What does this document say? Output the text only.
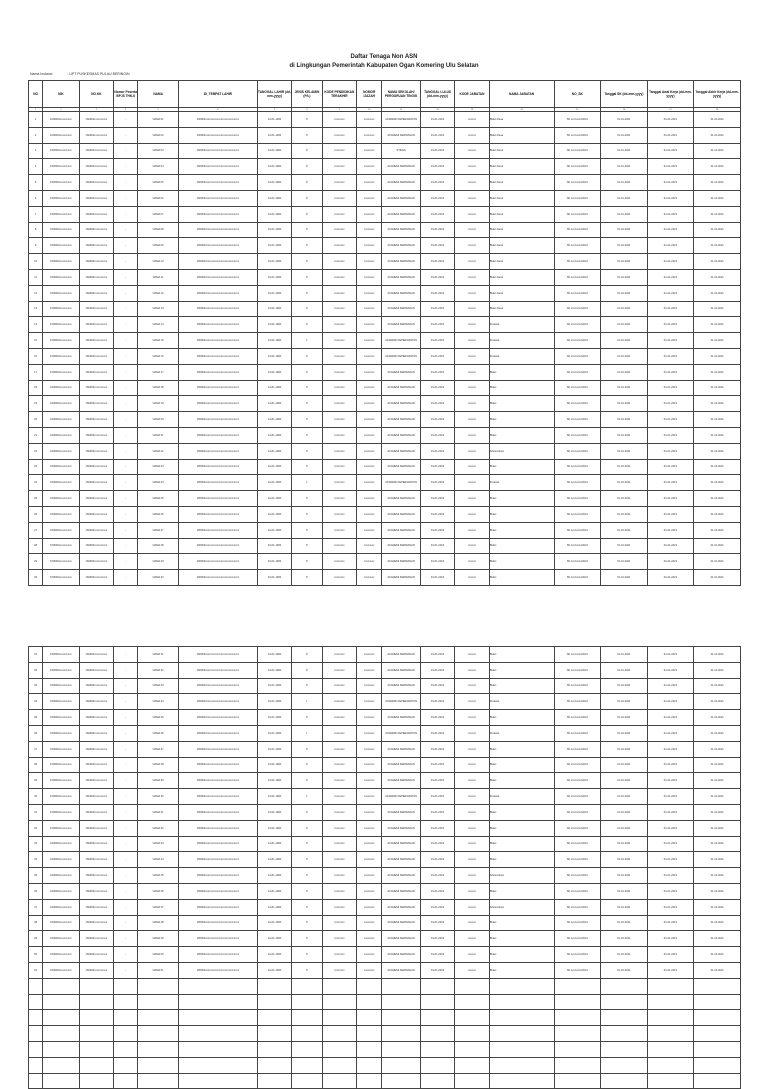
Daftar Tenaga Non ASN
di Lingkungan Pemerintah Kabupaten Ogan Komering Ulu Selatan
Nama Instansi	: UPT PUSKESMAS PULAU BERINGIN
NO	NIK	NO.KK	Nomor Peserta BPJS THK-II	NAMA	ID_TEMPAT LAHIR	TANGGAL LAHIR (dd-mm-yyyy)	JENIS KELAMIN (P/L)	KODE PENDIDIKAN TERAKHIR	NOMOR IJAZAH	NAMA SEKOLAH/ PERGURUAN TINGGI	TANGGAL LULUS (dd-mm-yyyy)	KODE JABATAN	NAMA JABATAN	NO_SK	Tanggal SK (dd-mm-yyyy)	Tanggal Awal Kerja (dd-mm-yyyy)	Tanggal Akhir Kerja (dd-mm-yyyy)
1	2	3	4	5	6	7	8	9	10	11	12	13	14	15	16	17	18
1	160903xxxxxxxxxx	160903xxxxxxxxxx	-	NAMA 01	160903xxxxxxxxxxxxxxxxxxxxxxxxxx	01-01-1990	P	xxxxxxxx	xxxxxxxx	AKADEMI KEPERAWATAN	01-01-2012	xxxxxx	Bidan Desa	SK.xxx/xx/xx/2021	01-01-2021	01-01-2021	31-12-2021
2	160903xxxxxxxxxx	160903xxxxxxxxxx	-	NAMA 02	160903xxxxxxxxxxxxxxxxxxxxxxxxxx	01-01-1990	P	xxxxxxxx	xxxxxxxx	AKADEMI KEBIDANAN	01-01-2012	xxxxxx	Bidan Desa	SK.xxx/xx/xx/2021	01-01-2021	01-01-2021	31-12-2021
3	160903xxxxxxxxxx	160903xxxxxxxxxx	-	NAMA 03	160903xxxxxxxxxxxxxxxxxxxxxxxxxx	01-01-1990	P	xxxxxxxx	xxxxxxxx	STIKES	01-01-2012	xxxxxx	Bidan Desa	SK.xxx/xx/xx/2021	01-01-2021	01-01-2021	31-12-2021
4	160903xxxxxxxxxx	160903xxxxxxxxxx	-	NAMA 04	160903xxxxxxxxxxxxxxxxxxxxxxxxxx	01-01-1990	P	xxxxxxxx	xxxxxxxx	AKADEMI KEBIDANAN	01-01-2012	xxxxxx	Bidan Desa	SK.xxx/xx/xx/2021	01-01-2021	01-01-2021	31-12-2021
5	160903xxxxxxxxxx	160903xxxxxxxxxx	-	NAMA 05	160903xxxxxxxxxxxxxxxxxxxxxxxxxx	01-01-1990	P	xxxxxxxx	xxxxxxxx	AKADEMI KEBIDANAN	01-01-2012	xxxxxx	Bidan Desa	SK.xxx/xx/xx/2021	01-01-2021	01-01-2021	31-12-2021
6	160903xxxxxxxxxx	160903xxxxxxxxxx	-	NAMA 06	160903xxxxxxxxxxxxxxxxxxxxxxxxxx	01-01-1990	P	xxxxxxxx	xxxxxxxx	AKADEMI KEBIDANAN	01-01-2012	xxxxxx	Bidan Desa	SK.xxx/xx/xx/2021	01-01-2021	01-01-2021	31-12-2021
7	160903xxxxxxxxxx	160903xxxxxxxxxx	-	NAMA 07	160903xxxxxxxxxxxxxxxxxxxxxxxxxx	01-01-1990	P	xxxxxxxx	xxxxxxxx	AKADEMI KEBIDANAN	01-01-2012	xxxxxx	Bidan Desa	SK.xxx/xx/xx/2021	01-01-2021	01-01-2021	31-12-2021
8	160903xxxxxxxxxx	160903xxxxxxxxxx	-	NAMA 08	160903xxxxxxxxxxxxxxxxxxxxxxxxxx	01-01-1990	P	xxxxxxxx	xxxxxxxx	AKADEMI KEBIDANAN	01-01-2012	xxxxxx	Bidan Desa	SK.xxx/xx/xx/2021	01-01-2021	01-01-2021	31-12-2021
9	160903xxxxxxxxxx	160903xxxxxxxxxx	-	NAMA 09	160903xxxxxxxxxxxxxxxxxxxxxxxxxx	01-01-1990	P	xxxxxxxx	xxxxxxxx	AKADEMI KEBIDANAN	01-01-2012	xxxxxx	Bidan Desa	SK.xxx/xx/xx/2021	01-01-2021	01-01-2021	31-12-2021
10	160903xxxxxxxxxx	160903xxxxxxxxxx	-	NAMA 10	160903xxxxxxxxxxxxxxxxxxxxxxxxxx	01-01-1990	P	xxxxxxxx	xxxxxxxx	AKADEMI KEBIDANAN	01-01-2012	xxxxxx	Bidan Desa	SK.xxx/xx/xx/2021	01-01-2021	01-01-2021	31-12-2021
11	160903xxxxxxxxxx	160903xxxxxxxxxx	-	NAMA 11	160903xxxxxxxxxxxxxxxxxxxxxxxxxx	01-01-1990	P	xxxxxxxx	xxxxxxxx	AKADEMI KEBIDANAN	01-01-2012	xxxxxx	Bidan Desa	SK.xxx/xx/xx/2021	01-01-2021	01-01-2021	31-12-2021
12	160903xxxxxxxxxx	160903xxxxxxxxxx	-	NAMA 12	160903xxxxxxxxxxxxxxxxxxxxxxxxxx	01-01-1990	P	xxxxxxxx	xxxxxxxx	AKADEMI KEBIDANAN	01-01-2012	xxxxxx	Bidan Desa	SK.xxx/xx/xx/2021	01-01-2021	01-01-2021	31-12-2021
13	160903xxxxxxxxxx	160903xxxxxxxxxx	-	NAMA 13	160903xxxxxxxxxxxxxxxxxxxxxxxxxx	01-01-1990	P	xxxxxxxx	xxxxxxxx	AKADEMI KEBIDANAN	01-01-2012	xxxxxx	Bidan Desa	SK.xxx/xx/xx/2021	01-01-2021	01-01-2021	31-12-2021
14	160903xxxxxxxxxx	160903xxxxxxxxxx	-	NAMA 14	160903xxxxxxxxxxxxxxxxxxxxxxxxxx	01-01-1990	P	xxxxxxxx	xxxxxxxx	AKADEMI KEBIDANAN	01-01-2012	xxxxxx	Perawat	SK.xxx/xx/xx/2021	01-01-2021	01-01-2021	31-12-2021
15	160903xxxxxxxxxx	160903xxxxxxxxxx	-	NAMA 15	160903xxxxxxxxxxxxxxxxxxxxxxxxxx	01-01-1990	L	xxxxxxxx	xxxxxxxx	AKADEMI KEPERAWATAN	01-01-2012	xxxxxx	Perawat	SK.xxx/xx/xx/2021	01-01-2021	01-01-2021	31-12-2021
16	160903xxxxxxxxxx	160903xxxxxxxxxx	-	NAMA 16	160903xxxxxxxxxxxxxxxxxxxxxxxxxx	01-01-1990	P	xxxxxxxx	xxxxxxxx	AKADEMI KEPERAWATAN	01-01-2012	xxxxxx	Perawat	SK.xxx/xx/xx/2021	01-01-2021	01-01-2021	31-12-2021
17	160903xxxxxxxxxx	160903xxxxxxxxxx	-	NAMA 17	160903xxxxxxxxxxxxxxxxxxxxxxxxxx	01-01-1990	P	xxxxxxxx	xxxxxxxx	AKADEMI KEBIDANAN	01-01-2012	xxxxxx	Bidan	SK.xxx/xx/xx/2021	01-01-2021	01-01-2021	31-12-2021
18	160903xxxxxxxxxx	160903xxxxxxxxxx	-	NAMA 18	160903xxxxxxxxxxxxxxxxxxxxxxxxxx	01-01-1990	P	xxxxxxxx	xxxxxxxx	AKADEMI KEBIDANAN	01-01-2012	xxxxxx	Bidan	SK.xxx/xx/xx/2021	01-01-2021	01-01-2021	31-12-2021
19	160903xxxxxxxxxx	160903xxxxxxxxxx	-	NAMA 19	160903xxxxxxxxxxxxxxxxxxxxxxxxxx	01-01-1990	P	xxxxxxxx	xxxxxxxx	AKADEMI KEBIDANAN	01-01-2012	xxxxxx	Bidan	SK.xxx/xx/xx/2021	01-01-2021	01-01-2021	31-12-2021
20	160903xxxxxxxxxx	160903xxxxxxxxxx	-	NAMA 20	160903xxxxxxxxxxxxxxxxxxxxxxxxxx	01-01-1990	P	xxxxxxxx	xxxxxxxx	AKADEMI KEBIDANAN	01-01-2012	xxxxxx	Bidan	SK.xxx/xx/xx/2021	01-01-2021	01-01-2021	31-12-2021
21	160903xxxxxxxxxx	160903xxxxxxxxxx	-	NAMA 21	160903xxxxxxxxxxxxxxxxxxxxxxxxxx	01-01-1990	P	xxxxxxxx	xxxxxxxx	AKADEMI KEBIDANAN	01-01-2012	xxxxxx	Bidan	SK.xxx/xx/xx/2021	01-01-2021	01-01-2021	31-12-2021
22	160903xxxxxxxxxx	160903xxxxxxxxxx	-	NAMA 22	160903xxxxxxxxxxxxxxxxxxxxxxxxxx	01-01-1990	P	xxxxxxxx	xxxxxxxx	AKADEMI KEBIDANAN	01-01-2012	xxxxxx	Administrasi	SK.xxx/xx/xx/2021	01-01-2021	01-01-2021	31-12-2021
23	160903xxxxxxxxxx	160903xxxxxxxxxx	-	NAMA 23	160903xxxxxxxxxxxxxxxxxxxxxxxxxx	01-01-1990	P	xxxxxxxx	xxxxxxxx	AKADEMI KEBIDANAN	01-01-2012	xxxxxx	Bidan	SK.xxx/xx/xx/2021	01-01-2021	01-01-2021	31-12-2021
24	160903xxxxxxxxxx	160903xxxxxxxxxx	-	NAMA 24	160903xxxxxxxxxxxxxxxxxxxxxxxxxx	01-01-1990	L	xxxxxxxx	xxxxxxxx	AKADEMI KEPERAWATAN	01-01-2012	xxxxxx	Perawat	SK.xxx/xx/xx/2021	01-01-2021	01-01-2021	31-12-2021
25	160903xxxxxxxxxx	160903xxxxxxxxxx	-	NAMA 25	160903xxxxxxxxxxxxxxxxxxxxxxxxxx	01-01-1990	P	xxxxxxxx	xxxxxxxx	AKADEMI KEBIDANAN	01-01-2012	xxxxxx	Bidan	SK.xxx/xx/xx/2021	01-01-2021	01-01-2021	31-12-2021
26	160903xxxxxxxxxx	160903xxxxxxxxxx	-	NAMA 26	160903xxxxxxxxxxxxxxxxxxxxxxxxxx	01-01-1990	P	xxxxxxxx	xxxxxxxx	AKADEMI KEBIDANAN	01-01-2012	xxxxxx	Bidan	SK.xxx/xx/xx/2021	01-01-2021	01-01-2021	31-12-2021
27	160903xxxxxxxxxx	160903xxxxxxxxxx	-	NAMA 27	160903xxxxxxxxxxxxxxxxxxxxxxxxxx	01-01-1990	P	xxxxxxxx	xxxxxxxx	AKADEMI KEBIDANAN	01-01-2012	xxxxxx	Bidan	SK.xxx/xx/xx/2021	01-01-2021	01-01-2021	31-12-2021
28	160903xxxxxxxxxx	160903xxxxxxxxxx	-	NAMA 28	160903xxxxxxxxxxxxxxxxxxxxxxxxxx	01-01-1990	P	xxxxxxxx	xxxxxxxx	AKADEMI KEBIDANAN	01-01-2012	xxxxxx	Bidan	SK.xxx/xx/xx/2021	01-01-2021	01-01-2021	31-12-2021
29	160903xxxxxxxxxx	160903xxxxxxxxxx	-	NAMA 29	160903xxxxxxxxxxxxxxxxxxxxxxxxxx	01-01-1990	P	xxxxxxxx	xxxxxxxx	AKADEMI KEBIDANAN	01-01-2012	xxxxxx	Bidan	SK.xxx/xx/xx/2021	01-01-2021	01-01-2021	31-12-2021
30	160903xxxxxxxxxx	160903xxxxxxxxxx	-	NAMA 30	160903xxxxxxxxxxxxxxxxxxxxxxxxxx	01-01-1990	P	xxxxxxxx	xxxxxxxx	AKADEMI KEBIDANAN	01-01-2012	xxxxxx	Bidan	SK.xxx/xx/xx/2021	01-01-2021	01-01-2021	31-12-2021
31	160903xxxxxxxxxx	160903xxxxxxxxxx	-	NAMA 31	160903xxxxxxxxxxxxxxxxxxxxxxxxxx	01-01-1990	P	xxxxxxxx	xxxxxxxx	AKADEMI KEBIDANAN	01-01-2012	xxxxxx	Bidan	SK.xxx/xx/xx/2021	01-01-2021	01-01-2021	31-12-2021
32	160903xxxxxxxxxx	160903xxxxxxxxxx	-	NAMA 32	160903xxxxxxxxxxxxxxxxxxxxxxxxxx	01-01-1990	P	xxxxxxxx	xxxxxxxx	AKADEMI KEBIDANAN	01-01-2012	xxxxxx	Bidan	SK.xxx/xx/xx/2021	01-01-2021	01-01-2021	31-12-2021
33	160903xxxxxxxxxx	160903xxxxxxxxxx	-	NAMA 33	160903xxxxxxxxxxxxxxxxxxxxxxxxxx	01-01-1990	P	xxxxxxxx	xxxxxxxx	AKADEMI KEBIDANAN	01-01-2012	xxxxxx	Bidan	SK.xxx/xx/xx/2021	01-01-2021	01-01-2021	31-12-2021
34	160903xxxxxxxxxx	160903xxxxxxxxxx	-	NAMA 34	160903xxxxxxxxxxxxxxxxxxxxxxxxxx	01-01-1990	L	xxxxxxxx	xxxxxxxx	AKADEMI KEPERAWATAN	01-01-2012	xxxxxx	Perawat	SK.xxx/xx/xx/2021	01-01-2021	01-01-2021	31-12-2021
35	160903xxxxxxxxxx	160903xxxxxxxxxx	-	NAMA 35	160903xxxxxxxxxxxxxxxxxxxxxxxxxx	01-01-1990	P	xxxxxxxx	xxxxxxxx	AKADEMI KEBIDANAN	01-01-2012	xxxxxx	Bidan	SK.xxx/xx/xx/2021	01-01-2021	01-01-2021	31-12-2021
36	160903xxxxxxxxxx	160903xxxxxxxxxx	-	NAMA 36	160903xxxxxxxxxxxxxxxxxxxxxxxxxx	01-01-1990	L	xxxxxxxx	xxxxxxxx	AKADEMI KEPERAWATAN	01-01-2012	xxxxxx	Perawat	SK.xxx/xx/xx/2021	01-01-2021	01-01-2021	31-12-2021
37	160903xxxxxxxxxx	160903xxxxxxxxxx	-	NAMA 37	160903xxxxxxxxxxxxxxxxxxxxxxxxxx	01-01-1990	P	xxxxxxxx	xxxxxxxx	AKADEMI KEBIDANAN	01-01-2012	xxxxxx	Bidan	SK.xxx/xx/xx/2021	01-01-2021	01-01-2021	31-12-2021
38	160903xxxxxxxxxx	160903xxxxxxxxxx	-	NAMA 38	160903xxxxxxxxxxxxxxxxxxxxxxxxxx	01-01-1990	P	xxxxxxxx	xxxxxxxx	AKADEMI KEBIDANAN	01-01-2012	xxxxxx	Bidan	SK.xxx/xx/xx/2021	01-01-2021	01-01-2021	31-12-2021
39	160903xxxxxxxxxx	160903xxxxxxxxxx	-	NAMA 39	160903xxxxxxxxxxxxxxxxxxxxxxxxxx	01-01-1990	P	xxxxxxxx	xxxxxxxx	AKADEMI KEBIDANAN	01-01-2012	xxxxxx	Bidan	SK.xxx/xx/xx/2021	01-01-2021	01-01-2021	31-12-2021
40	160903xxxxxxxxxx	160903xxxxxxxxxx	-	NAMA 40	160903xxxxxxxxxxxxxxxxxxxxxxxxxx	01-01-1990	L	xxxxxxxx	xxxxxxxx	AKADEMI KEPERAWATAN	01-01-2012	xxxxxx	Perawat	SK.xxx/xx/xx/2021	01-01-2021	01-01-2021	31-12-2021
41	160903xxxxxxxxxx	160903xxxxxxxxxx	-	NAMA 41	160903xxxxxxxxxxxxxxxxxxxxxxxxxx	01-01-1990	P	xxxxxxxx	xxxxxxxx	AKADEMI KEBIDANAN	01-01-2012	xxxxxx	Bidan	SK.xxx/xx/xx/2021	01-01-2021	01-01-2021	31-12-2021
42	160903xxxxxxxxxx	160903xxxxxxxxxx	-	NAMA 42	160903xxxxxxxxxxxxxxxxxxxxxxxxxx	01-01-1990	P	xxxxxxxx	xxxxxxxx	AKADEMI KEBIDANAN	01-01-2012	xxxxxx	Bidan	SK.xxx/xx/xx/2021	01-01-2021	01-01-2021	31-12-2021
43	160903xxxxxxxxxx	160903xxxxxxxxxx	-	NAMA 43	160903xxxxxxxxxxxxxxxxxxxxxxxxxx	01-01-1990	P	xxxxxxxx	xxxxxxxx	AKADEMI KEBIDANAN	01-01-2012	xxxxxx	Bidan	SK.xxx/xx/xx/2021	01-01-2021	01-01-2021	31-12-2021
44	160903xxxxxxxxxx	160903xxxxxxxxxx	-	NAMA 44	160903xxxxxxxxxxxxxxxxxxxxxxxxxx	01-01-1990	P	xxxxxxxx	xxxxxxxx	AKADEMI KEBIDANAN	01-01-2012	xxxxxx	Bidan	SK.xxx/xx/xx/2021	01-01-2021	01-01-2021	31-12-2021
45	160903xxxxxxxxxx	160903xxxxxxxxxx	-	NAMA 45	160903xxxxxxxxxxxxxxxxxxxxxxxxxx	01-01-1990	P	xxxxxxxx	xxxxxxxx	AKADEMI KEBIDANAN	01-01-2012	xxxxxx	Administrasi	SK.xxx/xx/xx/2021	01-01-2021	01-01-2021	31-12-2021
46	160903xxxxxxxxxx	160903xxxxxxxxxx	-	NAMA 46	160903xxxxxxxxxxxxxxxxxxxxxxxxxx	01-01-1990	P	xxxxxxxx	xxxxxxxx	AKADEMI KEBIDANAN	01-01-2012	xxxxxx	Bidan	SK.xxx/xx/xx/2021	01-01-2021	01-01-2021	31-12-2021
47	160903xxxxxxxxxx	160903xxxxxxxxxx	-	NAMA 47	160903xxxxxxxxxxxxxxxxxxxxxxxxxx	01-01-1990	P	xxxxxxxx	xxxxxxxx	AKADEMI KEBIDANAN	01-01-2012	xxxxxx	Administrasi	SK.xxx/xx/xx/2021	01-01-2021	01-01-2021	31-12-2021
48	160903xxxxxxxxxx	160903xxxxxxxxxx	-	NAMA 48	160903xxxxxxxxxxxxxxxxxxxxxxxxxx	01-01-1990	P	xxxxxxxx	xxxxxxxx	AKADEMI KEBIDANAN	01-01-2012	xxxxxx	Bidan	SK.xxx/xx/xx/2021	01-01-2021	01-01-2021	31-12-2021
49	160903xxxxxxxxxx	160903xxxxxxxxxx	-	NAMA 49	160903xxxxxxxxxxxxxxxxxxxxxxxxxx	01-01-1990	P	xxxxxxxx	xxxxxxxx	AKADEMI KEBIDANAN	01-01-2012	xxxxxx	Bidan	SK.xxx/xx/xx/2021	01-01-2021	01-01-2021	31-12-2021
50	160903xxxxxxxxxx	160903xxxxxxxxxx	-	NAMA 50	160903xxxxxxxxxxxxxxxxxxxxxxxxxx	01-01-1990	P	xxxxxxxx	xxxxxxxx	AKADEMI KEBIDANAN	01-01-2012	xxxxxx	Bidan	SK.xxx/xx/xx/2021	01-01-2021	01-01-2021	31-12-2021
51	160903xxxxxxxxxx	160903xxxxxxxxxx	-	NAMA 51	160903xxxxxxxxxxxxxxxxxxxxxxxxxx	01-01-1990	P	xxxxxxxx	xxxxxxxx	AKADEMI KEBIDANAN	01-01-2012	xxxxxx	Bidan	SK.xxx/xx/xx/2021	01-01-2021	01-01-2021	31-12-2021
